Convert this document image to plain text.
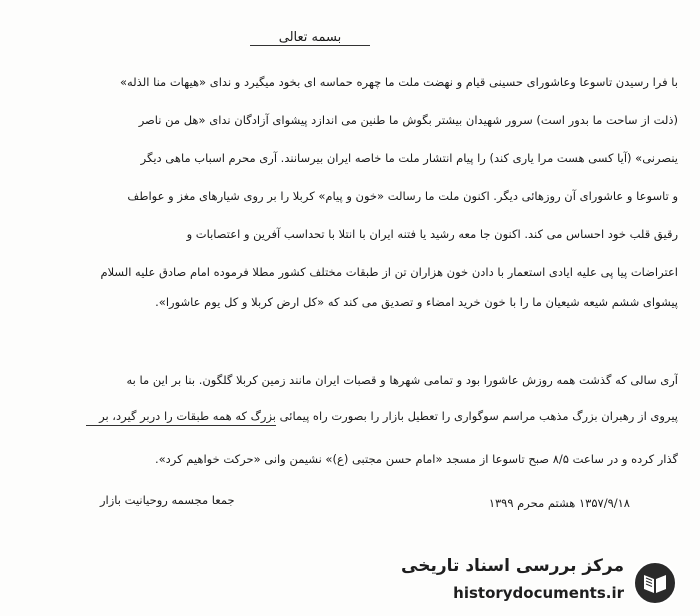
بسمه تعالی
با فرا رسیدن تاسوعا وعاشورای حسینی قیام و نهضت ملت ما چهره حماسه ای بخود میگیرد و ندای «هیهات منا الذله»
(ذلت از ساحت ما بدور است) سرور شهیدان بیشتر بگوش ما طنین می اندازد پیشوای آزادگان ندای «هل من ناصر
ینصرنی» (آیا کسی هست مرا یاری کند) را پیام انتشار ملت ما خاصه ایران بیرسانند. آری محرم اسباب ماهی دیگر
و تاسوعا و عاشورای آن روزهائی دیگر. اکنون ملت ما رسالت «خون و پیام» کربلا را بر روی شیارهای مغز و عواطف
رقیق قلب خود احساس می کند. اکنون جا معه رشید یا فتنه ایران با انتلا با تحداسب آفرین و اعتصابات و
اعتراضات پیا پی علیه ایادی استعمار با دادن خون هزاران تن از طبقات مختلف کشور مطلا فرموده امام صادق علیه السلام
پیشوای ششم شیعه شیعیان ما را با خون خرید امضاء و تصدیق می کند که «کل ارض کربلا و کل یوم عاشورا».
آری سالی که گذشت همه روزش عاشورا بود و تمامی شهرها و قصبات ایران مانند زمین کربلا گلگون. بنا بر این ما به
پیروی از رهبران بزرگ مذهب مراسم سوگواری را تعطیل بازار را بصورت راه پیمائی بزرگ که همه طبقات را دربر گیرد، بر
گذار کرده و در ساعت ۸/۵ صبح تاسوعا از مسجد «امام حسن مجتبی (ع)» نشیمن وانی «حرکت خواهیم کرد».
جمعا مجسمه روحیانیت بازار	۱۳۵۷/۹/۱۸ هشتم محرم ۱۳۹۹
مرکز بررسی اسناد تاریخی
historydocuments.ir
